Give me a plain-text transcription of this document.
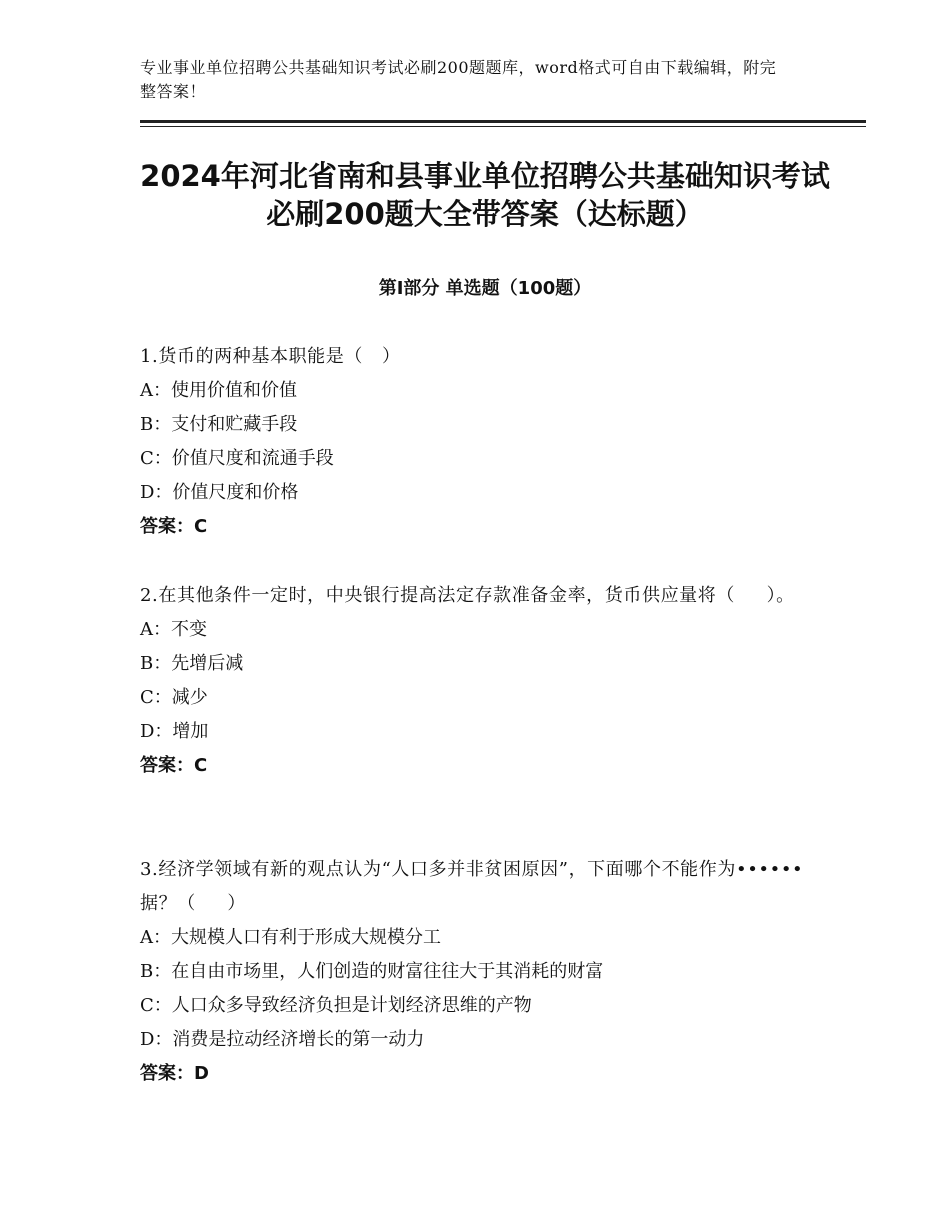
专业事业单位招聘公共基础知识考试必刷200题题库，word格式可自由下载编辑，附完整答案！
2024年河北省南和县事业单位招聘公共基础知识考试必刷200题大全带答案（达标题）
第Ⅰ部分 单选题（100题）
1.货币的两种基本职能是（   ）
A：使用价值和价值
B：支付和贮藏手段
C：价值尺度和流通手段
D：价值尺度和价格
答案：C
2.在其他条件一定时，中央银行提高法定存款准备金率，货币供应量将（     ）。
A：不变
B：先增后减
C：减少
D：增加
答案：C
3.经济学领域有新的观点认为“人口多并非贫困原因”，下面哪个不能作为••••••据？（     ）
A：大规模人口有利于形成大规模分工
B：在自由市场里，人们创造的财富往往大于其消耗的财富
C：人口众多导致经济负担是计划经济思维的产物
D：消费是拉动经济增长的第一动力
答案：D
